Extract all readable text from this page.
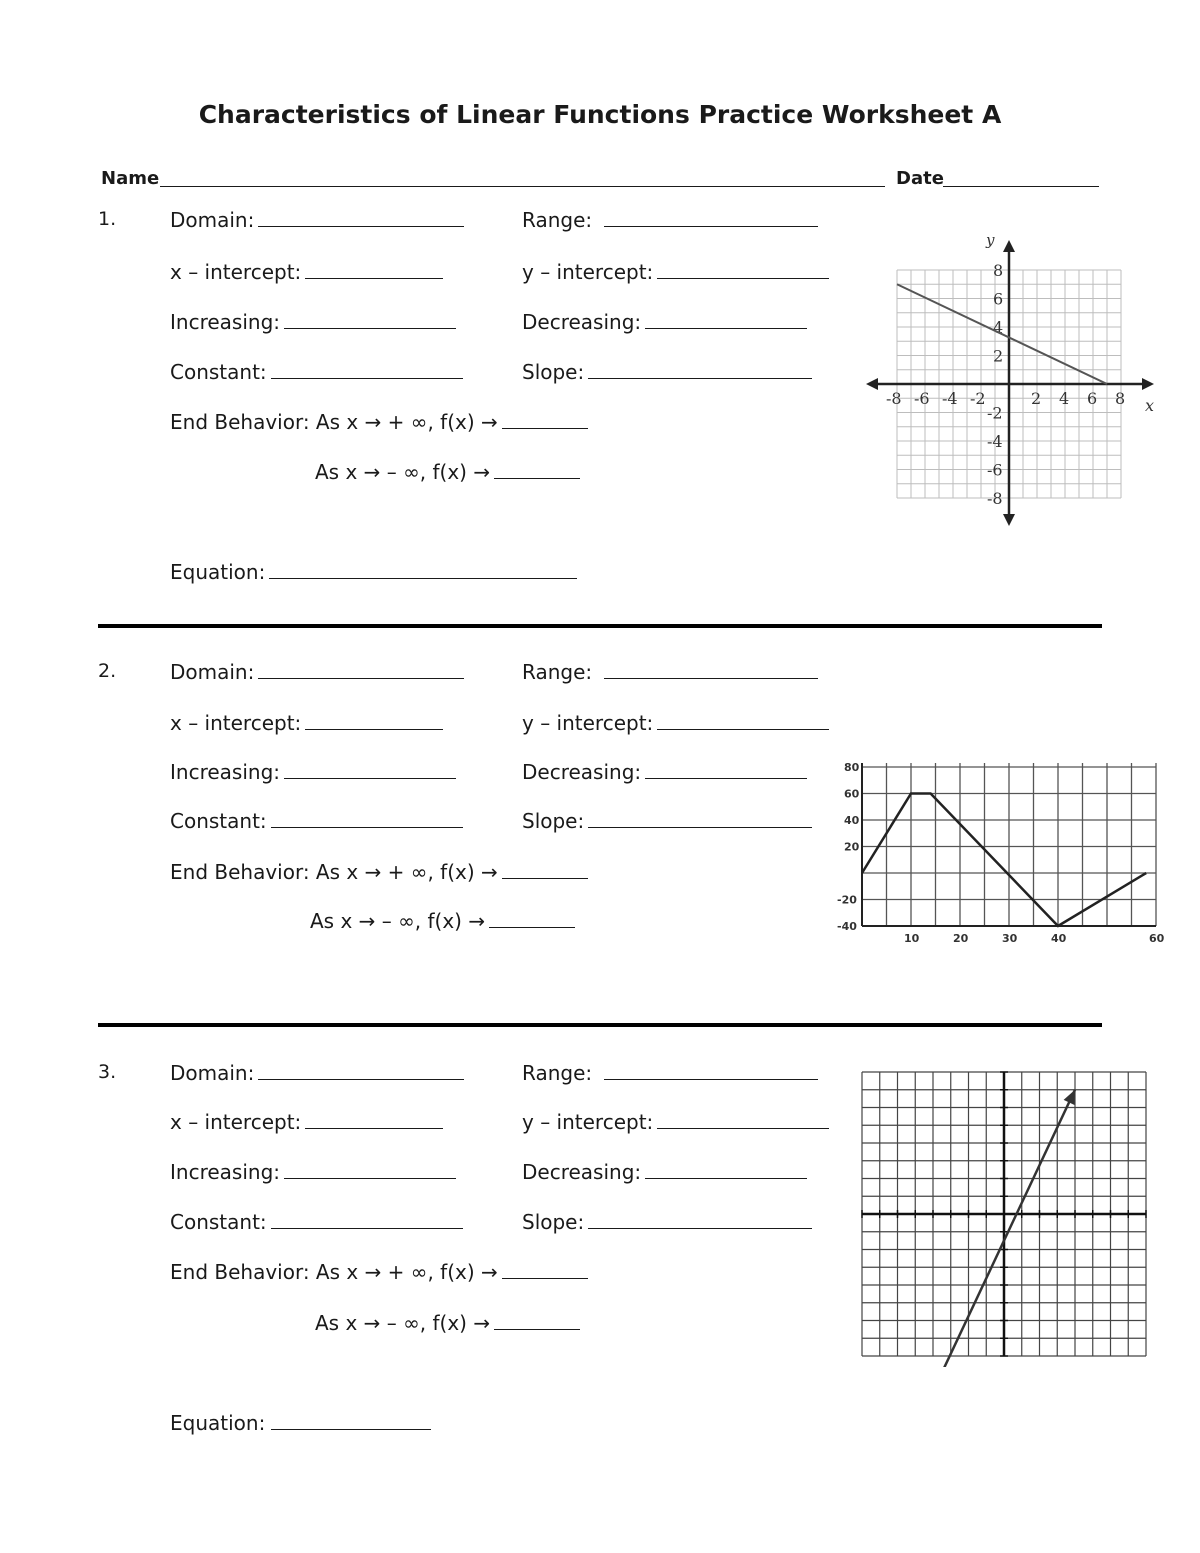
Characteristics of Linear Functions Practice Worksheet A
Name	Date
1.	Domain:	Range:
x – intercept:	y – intercept:
Increasing:	Decreasing:
Constant:	Slope:
End Behavior: As x → + ∞, f(x) →
As x → – ∞, f(x) →
Equation:
-8 -6 -4 -2	2 4 6 8
8
6
4
2
-2
-4
-6
-8
y
x
2.	Domain:	Range:
x – intercept:	y – intercept:
Increasing:	Decreasing:
Constant:	Slope:
End Behavior: As x → + ∞, f(x) →
As x → – ∞, f(x) →
10	20	30	40	60
80
60
40
20
-20
-40
3.	Domain:	Range:
x – intercept:	y – intercept:
Increasing:	Decreasing:
Constant:	Slope:
End Behavior: As x → + ∞, f(x) →
As x → – ∞, f(x) →
Equation:
